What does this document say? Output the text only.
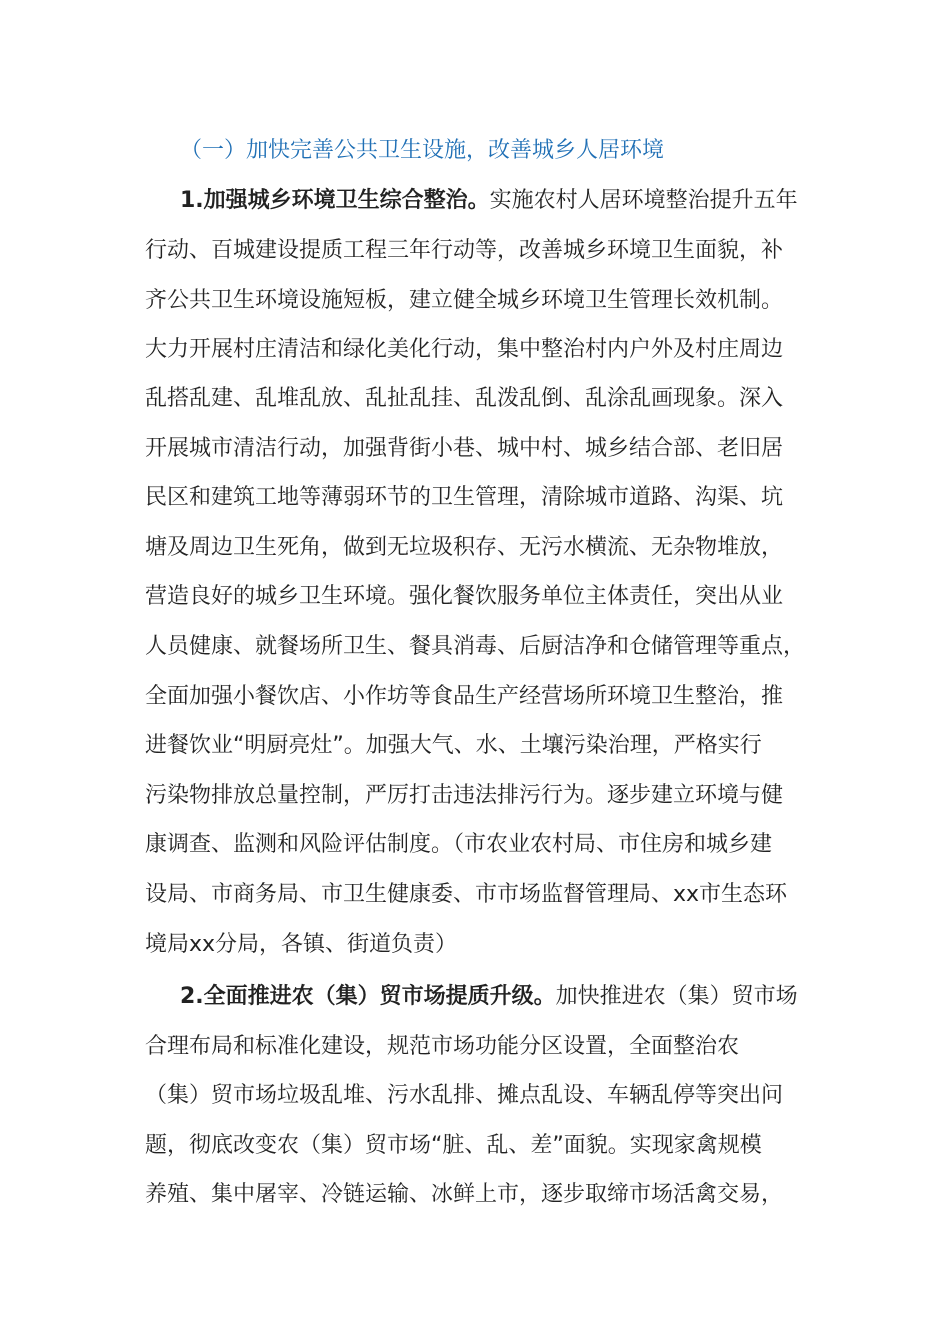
（一）加快完善公共卫生设施，改善城乡人居环境
1.加强城乡环境卫生综合整治。实施农村人居环境整治提升五年
行动、百城建设提质工程三年行动等，改善城乡环境卫生面貌，补
齐公共卫生环境设施短板，建立健全城乡环境卫生管理长效机制。
大力开展村庄清洁和绿化美化行动，集中整治村内户外及村庄周边
乱搭乱建、乱堆乱放、乱扯乱挂、乱泼乱倒、乱涂乱画现象。深入
开展城市清洁行动，加强背街小巷、城中村、城乡结合部、老旧居
民区和建筑工地等薄弱环节的卫生管理，清除城市道路、沟渠、坑
塘及周边卫生死角，做到无垃圾积存、无污水横流、无杂物堆放，
营造良好的城乡卫生环境。强化餐饮服务单位主体责任，突出从业
人员健康、就餐场所卫生、餐具消毒、后厨洁净和仓储管理等重点，
全面加强小餐饮店、小作坊等食品生产经营场所环境卫生整治，推
进餐饮业“明厨亮灶”。加强大气、水、土壤污染治理，严格实行
污染物排放总量控制，严厉打击违法排污行为。逐步建立环境与健
康调查、监测和风险评估制度。（市农业农村局、市住房和城乡建
设局、市商务局、市卫生健康委、市市场监督管理局、xx市生态环
境局xx分局，各镇、街道负责）
2.全面推进农（集）贸市场提质升级。加快推进农（集）贸市场
合理布局和标准化建设，规范市场功能分区设置，全面整治农
（集）贸市场垃圾乱堆、污水乱排、摊点乱设、车辆乱停等突出问
题，彻底改变农（集）贸市场“脏、乱、差”面貌。实现家禽规模
养殖、集中屠宰、冷链运输、冰鲜上市，逐步取缔市场活禽交易，
